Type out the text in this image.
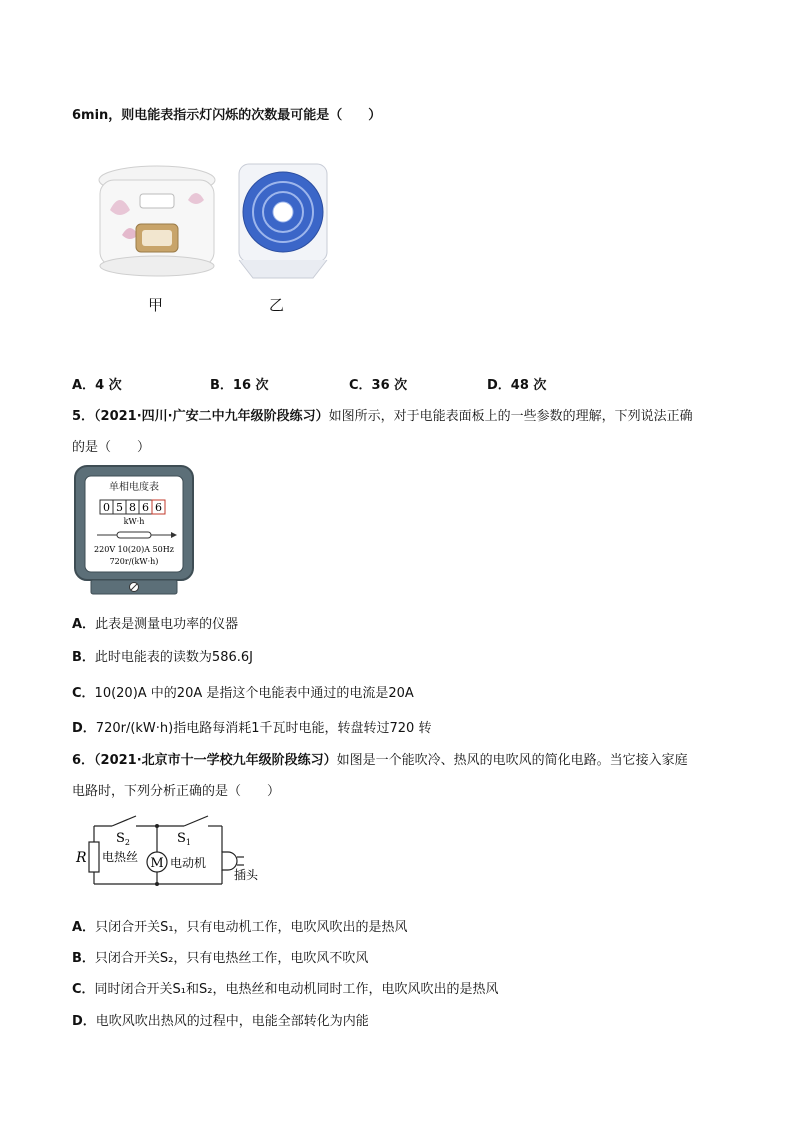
6min，则电能表指示灯闪烁的次数最可能是（　　）
甲	乙
A．4 次	B．16 次	C．36 次	D．48 次
5．（2021·四川·广安二中九年级阶段练习）如图所示，对于电能表面板上的一些参数的理解，下列说法正确
的是（　　）
单相电度表
0 5 8 6 6
kW·h
220V 10(20)A 50Hz
720r/(kW·h)
A．此表是测量电功率的仪器
B．此时电能表的读数为586.6J
C．10(20)A 中的20A 是指这个电能表中通过的电流是20A
D．720r/(kW·h)指电路每消耗1千瓦时电能，转盘转过720 转
6．（2021·北京市十一学校九年级阶段练习）如图是一个能吹冷、热风的电吹风的简化电路。当它接入家庭
电路时，下列分析正确的是（　　）
R 电热丝 M 电动机
插头
$S_2$	$S_1$
A．只闭合开关S₁，只有电动机工作，电吹风吹出的是热风
B．只闭合开关S₂，只有电热丝工作，电吹风不吹风
C．同时闭合开关S₁和S₂，电热丝和电动机同时工作，电吹风吹出的是热风
D．电吹风吹出热风的过程中，电能全部转化为内能
